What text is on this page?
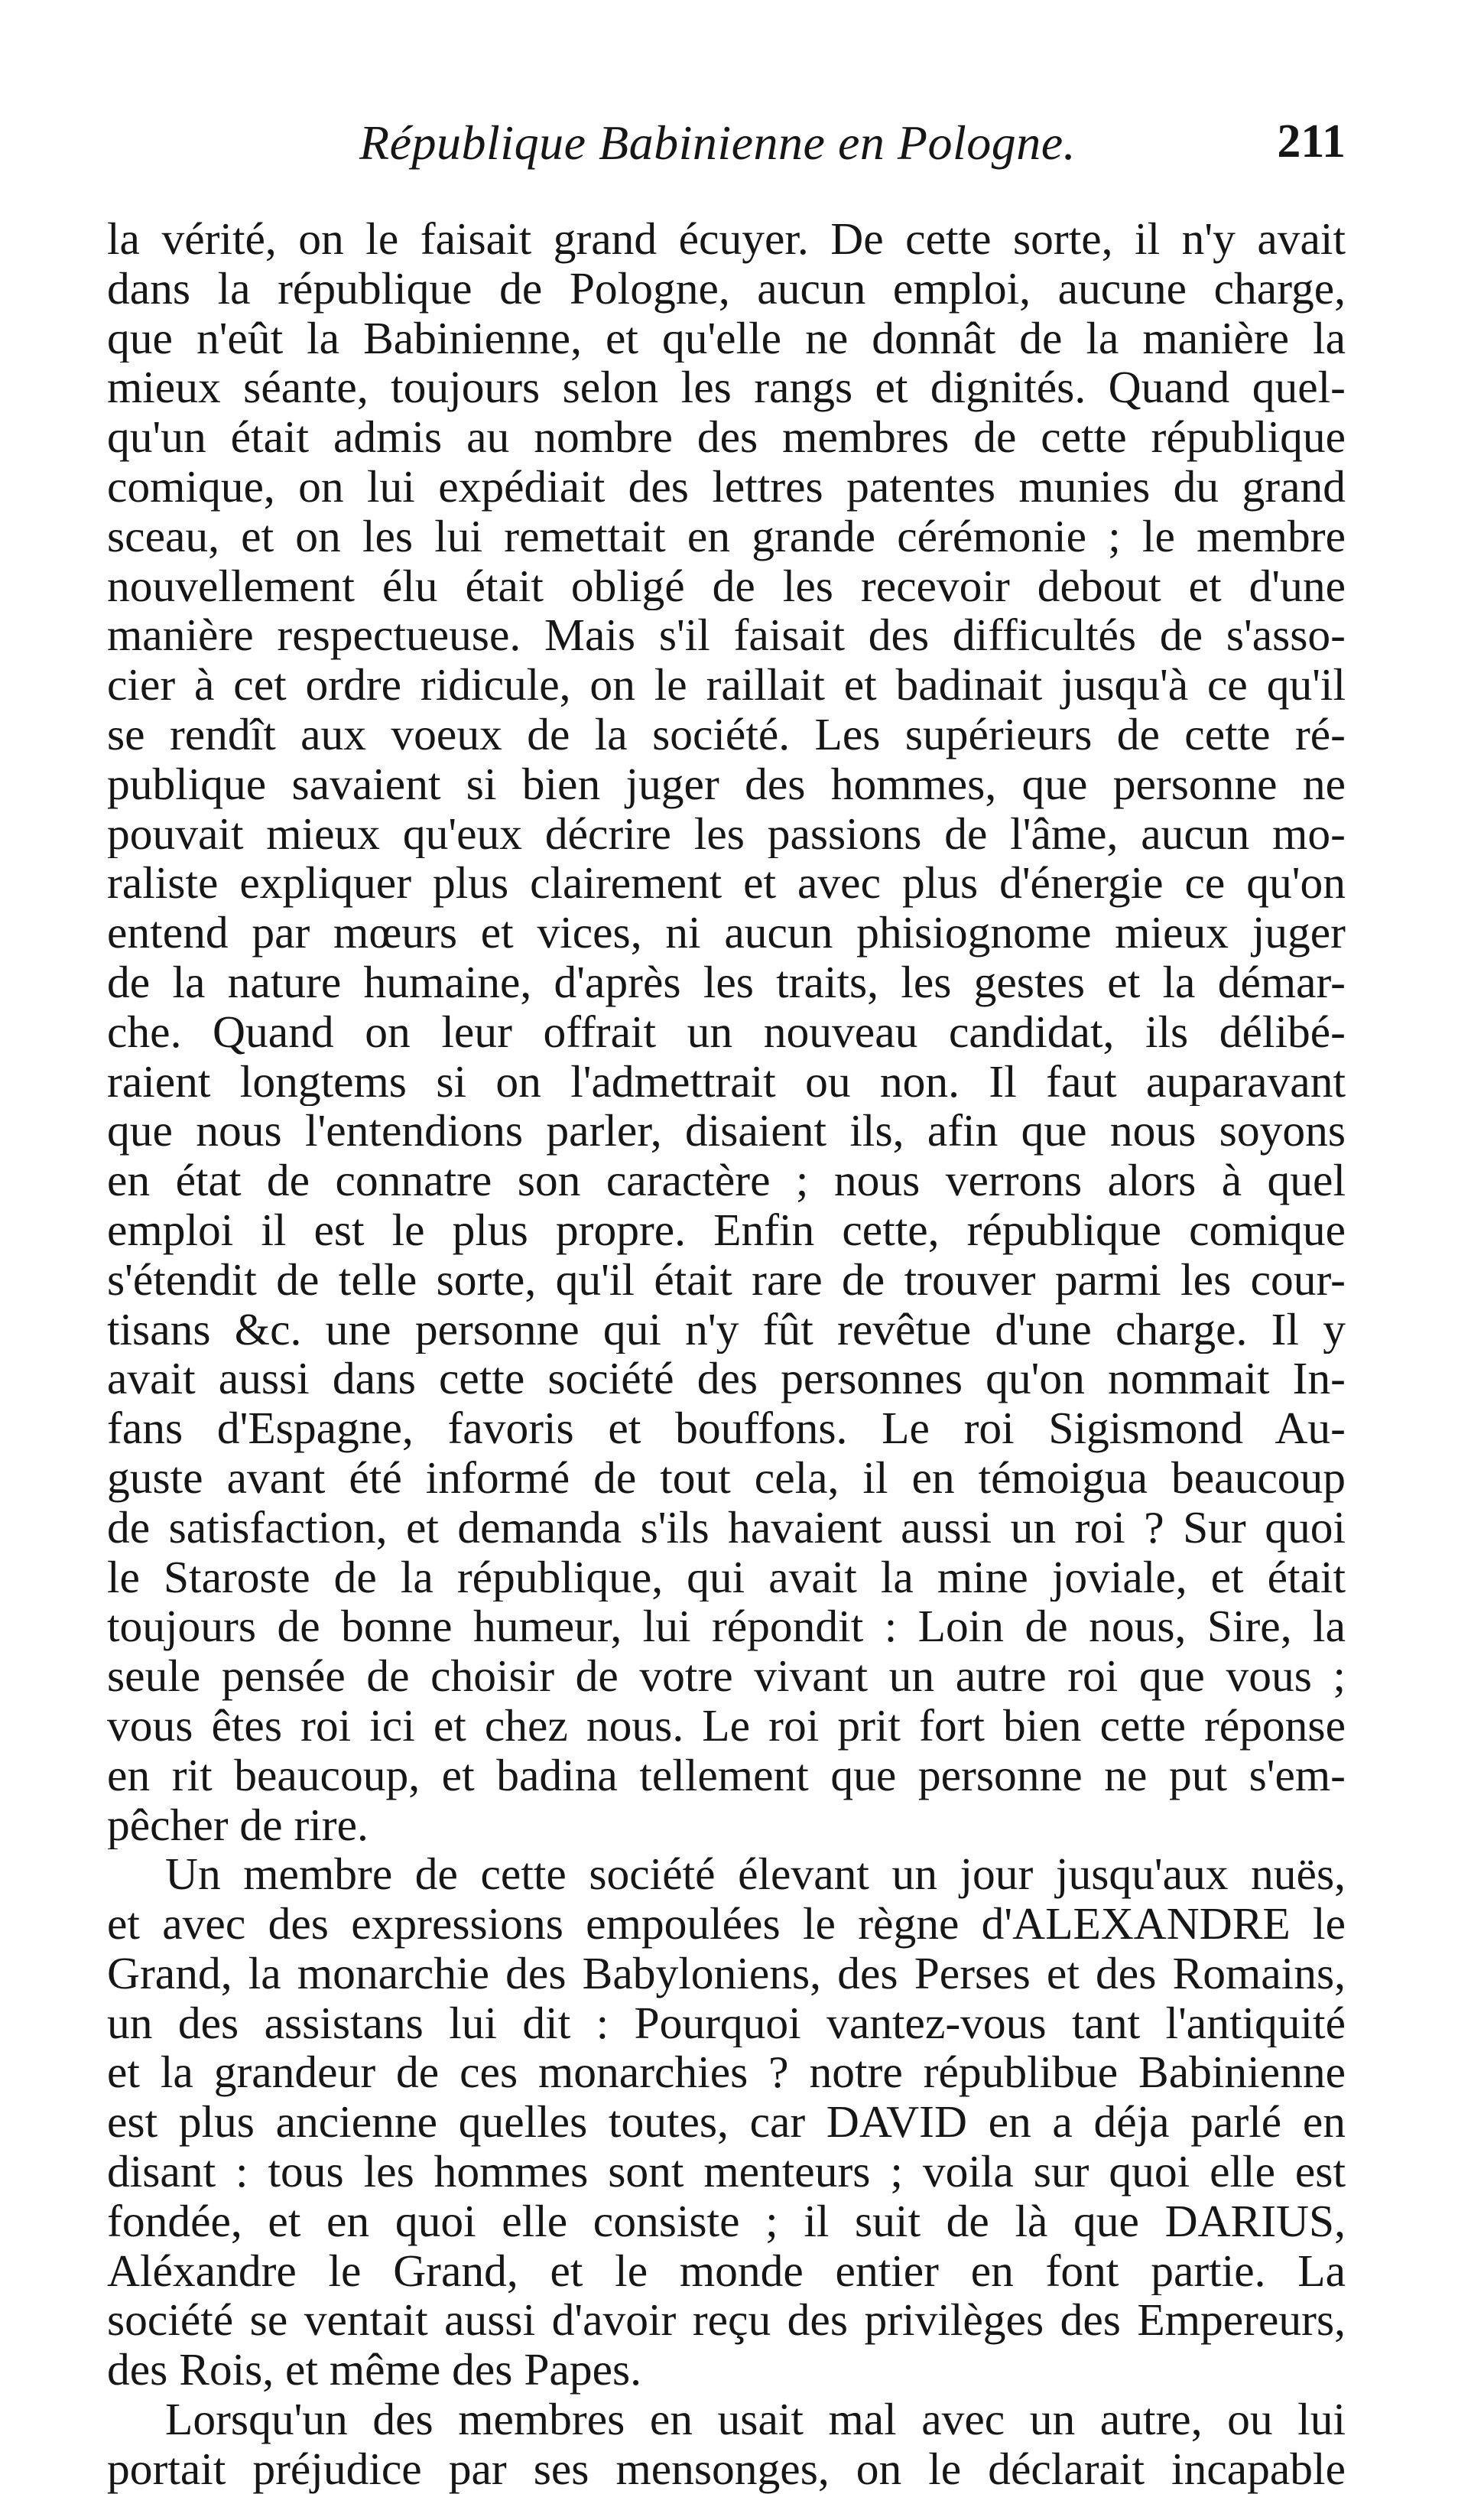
République Babinienne en Pologne.	211
la vérité, on le faisait grand écuyer. De cette sorte, il n'y avait
dans la république de Pologne, aucun emploi, aucune charge,
que n'eût la Babinienne, et qu'elle ne donnât de la manière la
mieux séante, toujours selon les rangs et dignités. Quand quel-
qu'un était admis au nombre des membres de cette république
comique, on lui expédiait des lettres patentes munies du grand
sceau, et on les lui remettait en grande cérémonie ; le membre
nouvellement élu était obligé de les recevoir debout et d'une
manière respectueuse. Mais s'il faisait des difficultés de s'asso-
cier à cet ordre ridicule, on le raillait et badinait jusqu'à ce qu'il
se rendît aux voeux de la société. Les supérieurs de cette ré-
publique savaient si bien juger des hommes, que personne ne
pouvait mieux qu'eux décrire les passions de l'âme, aucun mo-
raliste expliquer plus clairement et avec plus d'énergie ce qu'on
entend par mœurs et vices, ni aucun phisiognome mieux juger
de la nature humaine, d'après les traits, les gestes et la démar-
che. Quand on leur offrait un nouveau candidat, ils délibé-
raient longtems si on l'admettrait ou non. Il faut auparavant
que nous l'entendions parler, disaient ils, afin que nous soyons
en état de connatre son caractère ; nous verrons alors à quel
emploi il est le plus propre. Enfin cette, république comique
s'étendit de telle sorte, qu'il était rare de trouver parmi les cour-
tisans &c. une personne qui n'y fût revêtue d'une charge. Il y
avait aussi dans cette société des personnes qu'on nommait In-
fans d'Espagne, favoris et bouffons. Le roi Sigismond Au-
guste avant été informé de tout cela, il en témoigua beaucoup
de satisfaction, et demanda s'ils havaient aussi un roi ? Sur quoi
le Staroste de la république, qui avait la mine joviale, et était
toujours de bonne humeur, lui répondit : Loin de nous, Sire, la
seule pensée de choisir de votre vivant un autre roi que vous ;
vous êtes roi ici et chez nous. Le roi prit fort bien cette réponse
en rit beaucoup, et badina tellement que personne ne put s'em-
pêcher de rire.
Un membre de cette société élevant un jour jusqu'aux nuës,
et avec des expressions empoulées le règne d'ALEXANDRE le
Grand, la monarchie des Babyloniens, des Perses et des Romains,
un des assistans lui dit : Pourquoi vantez-vous tant l'antiquité
et la grandeur de ces monarchies ? notre républibue Babinienne
est plus ancienne quelles toutes, car DAVID en a déja parlé en
disant : tous les hommes sont menteurs ; voila sur quoi elle est
fondée, et en quoi elle consiste ; il suit de là que DARIUS,
Aléxandre le Grand, et le monde entier en font partie. La
société se ventait aussi d'avoir reçu des privilèges des Empereurs,
des Rois, et même des Papes.
Lorsqu'un des membres en usait mal avec un autre, ou lui
portait préjudice par ses mensonges, on le déclarait incapable
